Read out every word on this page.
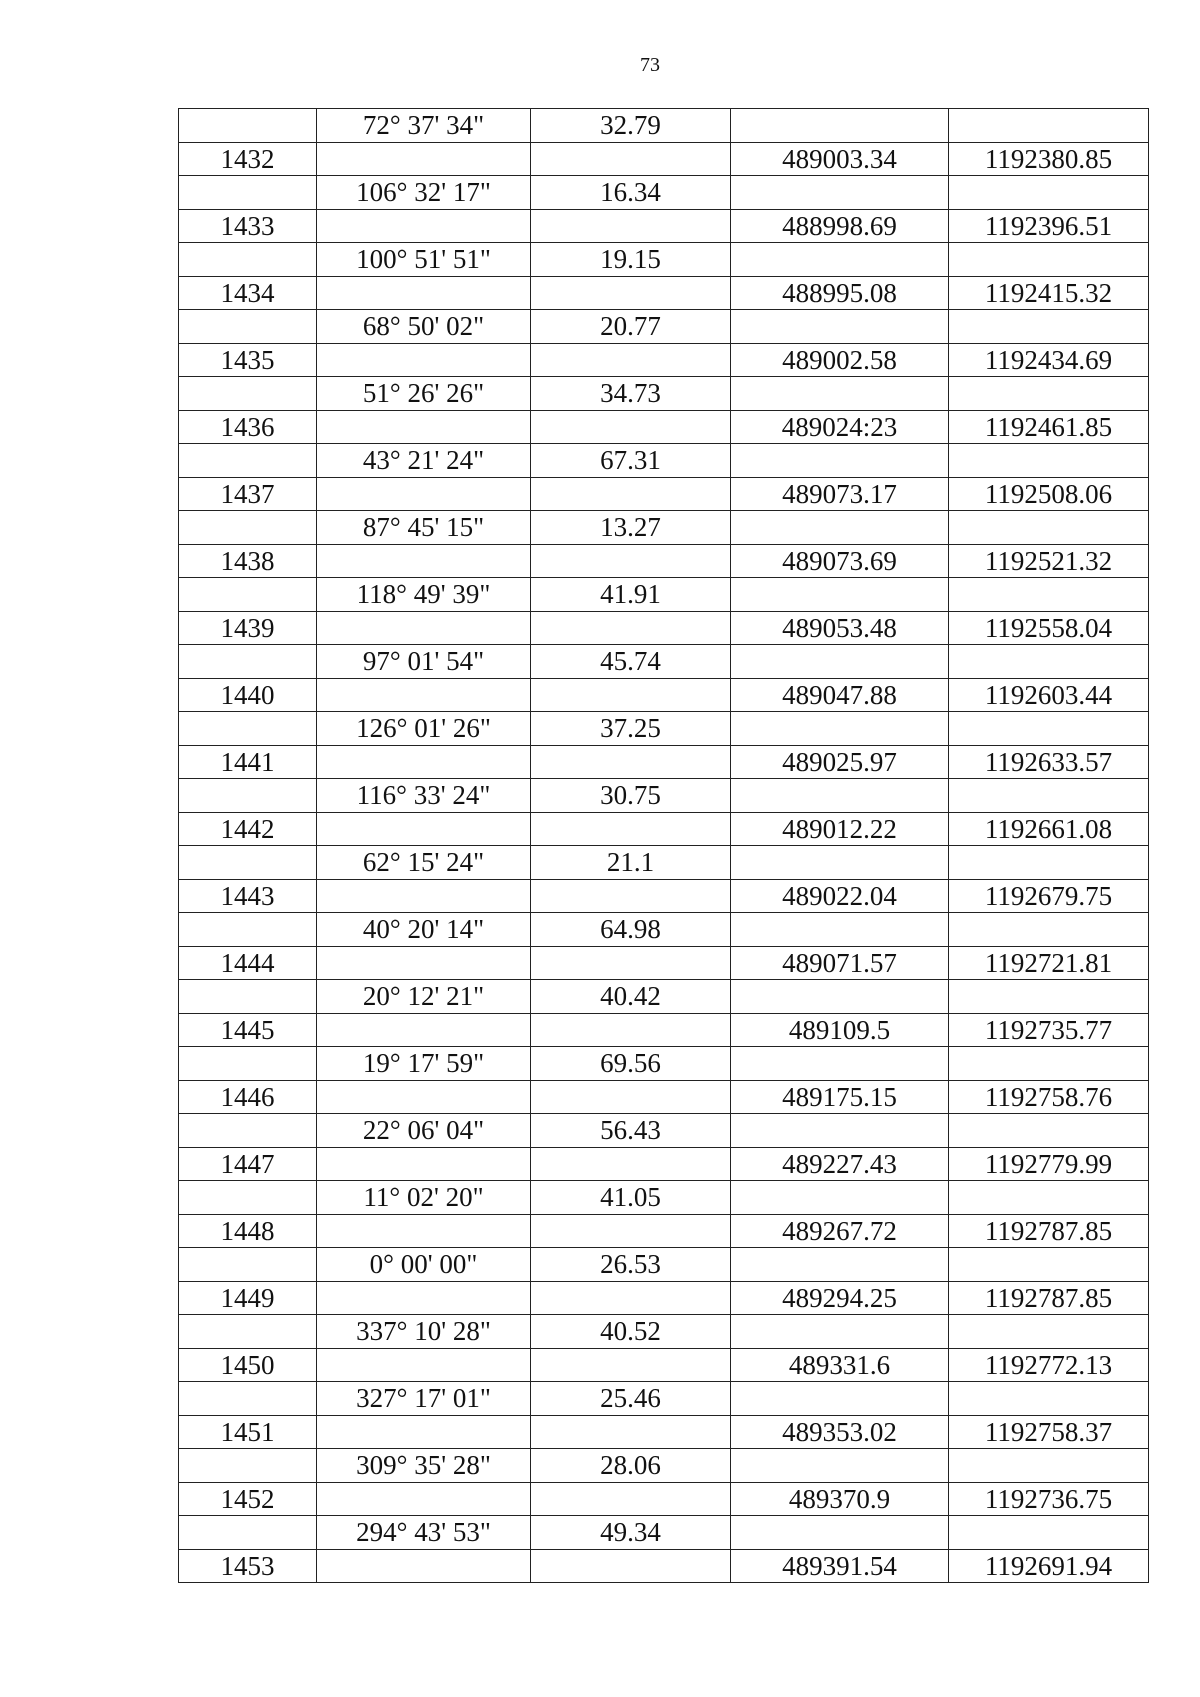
73
	72° 37' 34"	32.79		
1432			489003.34	1192380.85
	106° 32' 17"	16.34		
1433			488998.69	1192396.51
	100° 51' 51"	19.15		
1434			488995.08	1192415.32
	68° 50' 02"	20.77		
1435			489002.58	1192434.69
	51° 26' 26"	34.73		
1436			489024:23	1192461.85
	43° 21' 24"	67.31		
1437			489073.17	1192508.06
	87° 45' 15"	13.27		
1438			489073.69	1192521.32
	118° 49' 39"	41.91		
1439			489053.48	1192558.04
	97° 01' 54"	45.74		
1440			489047.88	1192603.44
	126° 01' 26"	37.25		
1441			489025.97	1192633.57
	116° 33' 24"	30.75		
1442			489012.22	1192661.08
	62° 15' 24"	21.1		
1443			489022.04	1192679.75
	40° 20' 14"	64.98		
1444			489071.57	1192721.81
	20° 12' 21"	40.42		
1445			489109.5	1192735.77
	19° 17' 59"	69.56		
1446			489175.15	1192758.76
	22° 06' 04"	56.43		
1447			489227.43	1192779.99
	11° 02' 20"	41.05		
1448			489267.72	1192787.85
	0° 00' 00"	26.53		
1449			489294.25	1192787.85
	337° 10' 28"	40.52		
1450			489331.6	1192772.13
	327° 17' 01"	25.46		
1451			489353.02	1192758.37
	309° 35' 28"	28.06		
1452			489370.9	1192736.75
	294° 43' 53"	49.34		
1453			489391.54	1192691.94
